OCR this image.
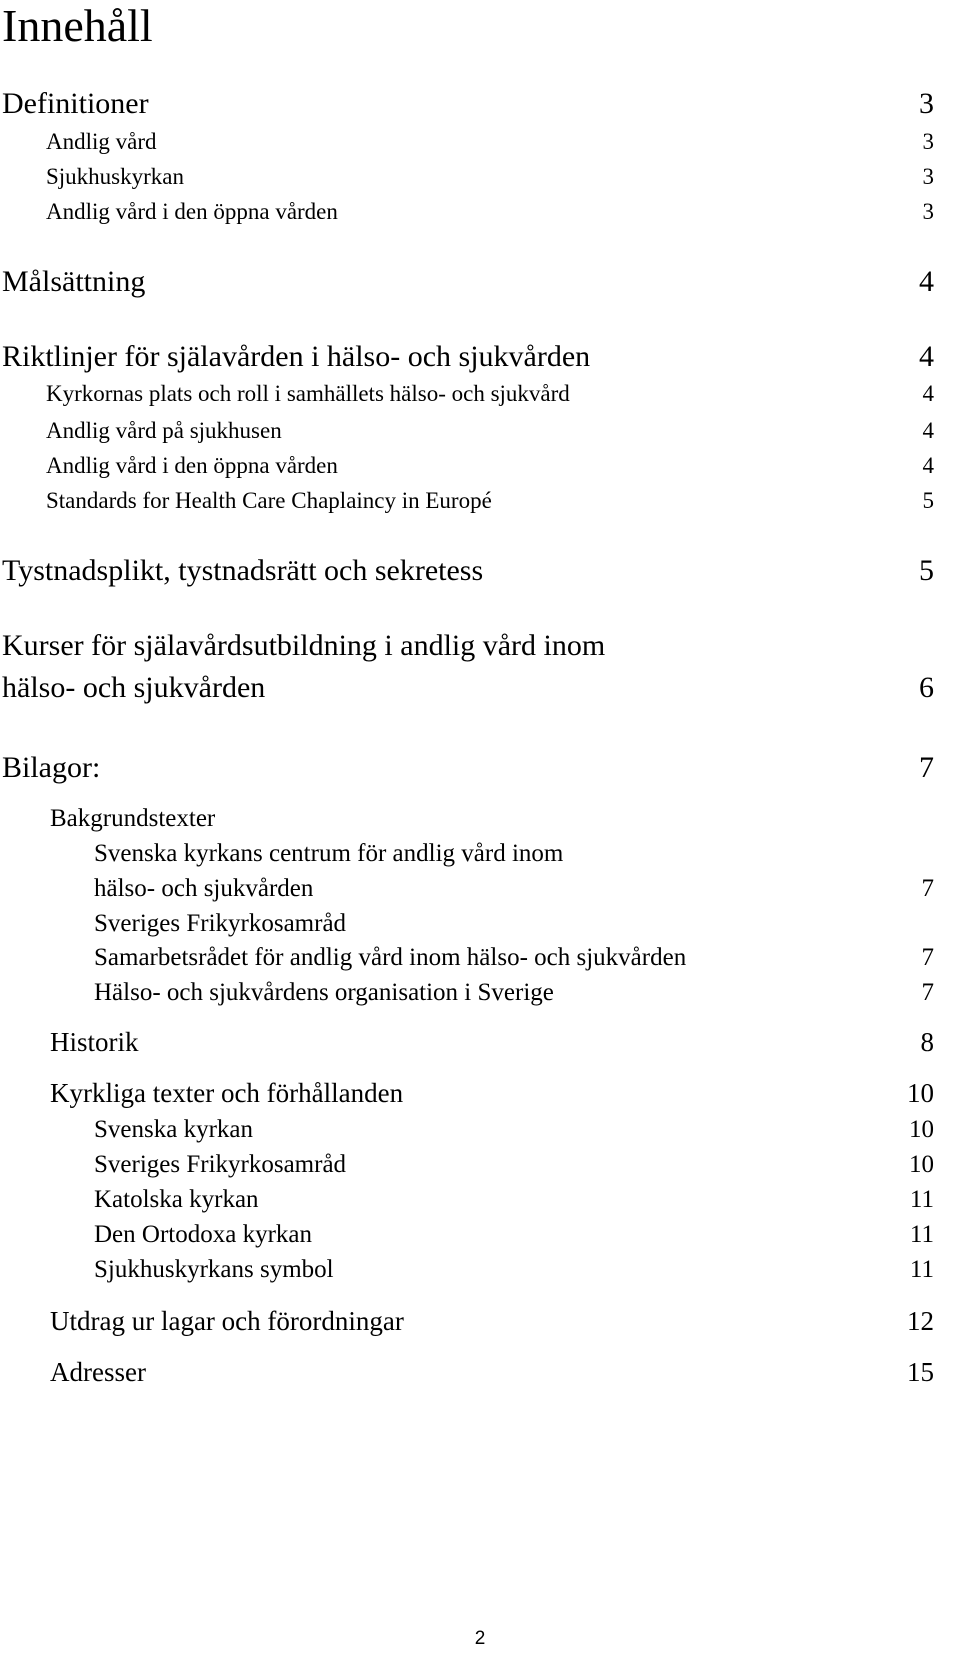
Innehåll
Definitioner	3
Andlig vård	3
Sjukhuskyrkan	3
Andlig vård i den öppna vården	3
Målsättning	4
Riktlinjer för själavården i hälso- och sjukvården	4
Kyrkornas plats och roll i samhällets hälso- och sjukvård	4
Andlig vård på sjukhusen	4
Andlig vård i den öppna vården	4
Standards for Health Care Chaplaincy in Europé	5
Tystnadsplikt, tystnadsrätt och sekretess	5
Kurser för själavårdsutbildning i andlig vård inom
hälso- och sjukvården	6
Bilagor:	7
Bakgrundstexter
Svenska kyrkans centrum för andlig vård inom
hälso- och sjukvården	7
Sveriges Frikyrkosamråd
Samarbetsrådet för andlig vård inom hälso- och sjukvården	7
Hälso- och sjukvårdens organisation i Sverige	7
Historik	8
Kyrkliga texter och förhållanden	10
Svenska kyrkan	10
Sveriges Frikyrkosamråd	10
Katolska kyrkan	11
Den Ortodoxa kyrkan	11
Sjukhuskyrkans symbol	11
Utdrag ur lagar och förordningar	12
Adresser	15
2
